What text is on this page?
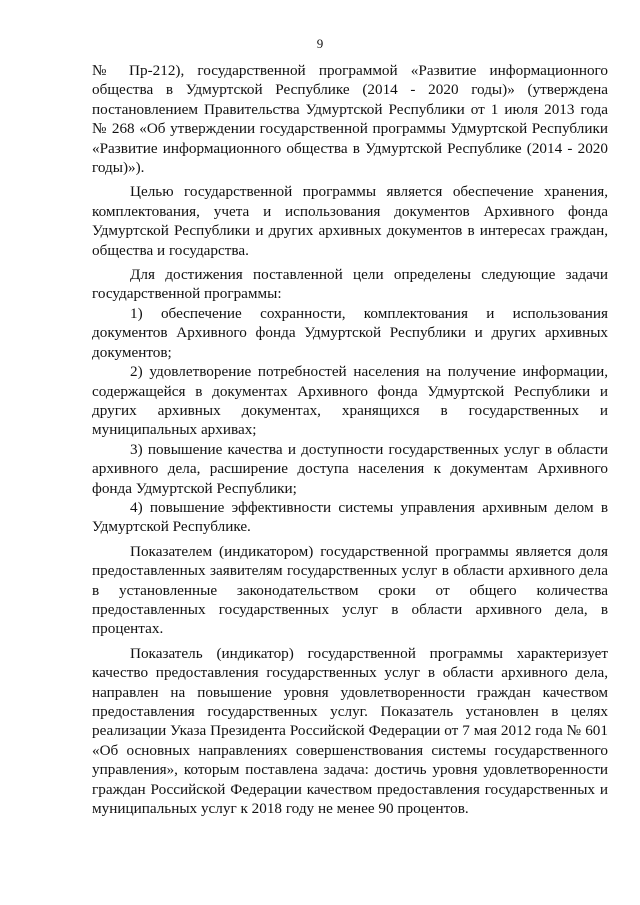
9

№ Пр-212), государственной программой «Развитие информационного общества в Удмуртской Республике (2014 - 2020 годы)» (утверждена постановлением Правительства Удмуртской Республики от 1 июля 2013 года № 268 «Об утверждении государственной программы Удмуртской Республики «Развитие информационного общества в Удмуртской Республике (2014 - 2020 годы)»).

Целью государственной программы является обеспечение хранения, комплектования, учета и использования документов Архивного фонда Удмуртской Республики и других архивных документов в интересах граждан, общества и государства.

Для достижения поставленной цели определены следующие задачи государственной программы:

1) обеспечение сохранности, комплектования и использования документов Архивного фонда Удмуртской Республики и других архивных документов;

2) удовлетворение потребностей населения на получение информации, содержащейся в документах Архивного фонда Удмуртской Республики и других архивных документах, хранящихся в государственных и муниципальных архивах;

3) повышение качества и доступности государственных услуг в области архивного дела, расширение доступа населения к документам Архивного фонда Удмуртской Республики;

4) повышение эффективности системы управления архивным делом в Удмуртской Республике.

Показателем (индикатором) государственной программы является доля предоставленных заявителям государственных услуг в области архивного дела в установленные законодательством сроки от общего количества предоставленных государственных услуг в области архивного дела, в процентах.

Показатель (индикатор) государственной программы характеризует качество предоставления государственных услуг в области архивного дела, направлен на повышение уровня удовлетворенности граждан качеством предоставления государственных услуг. Показатель установлен в целях реализации Указа Президента Российской Федерации от 7 мая 2012 года № 601 «Об основных направлениях совершенствования системы государственного управления», которым поставлена задача: достичь уровня удовлетворенности граждан Российской Федерации качеством предоставления государственных и муниципальных услуг к 2018 году не менее 90 процентов.
